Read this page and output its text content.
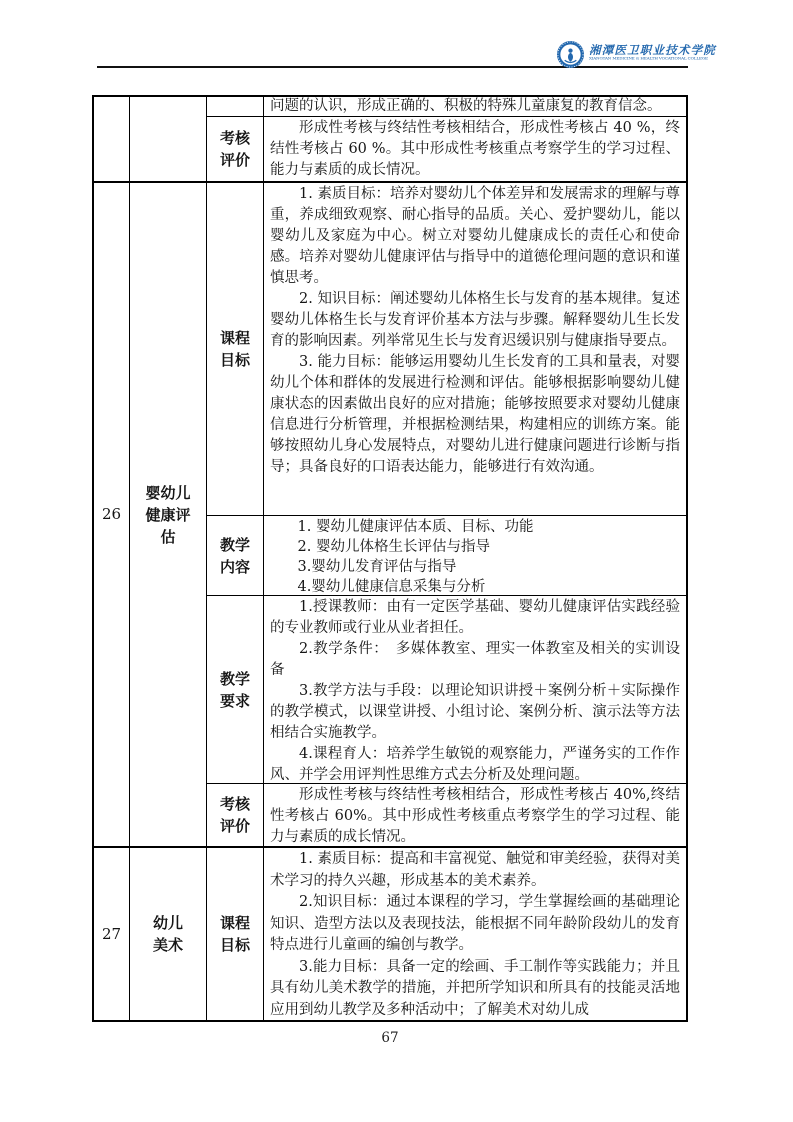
湘潭医卫职业技术学院
XIANGTAN MEDICINE & HEALTH VOCATIONAL COLLEGE
问题的认识，形成正确的、积极的特殊儿童康复的教育信念。
考核评价
形成性考核与终结性考核相结合，形成性考核占 40 %，终结性考核占 60 %。其中形成性考核重点考察学生的学习过程、能力与素质的成长情况。
26
婴幼儿健康评估
课程目标
1. 素质目标：培养对婴幼儿个体差异和发展需求的理解与尊重，养成细致观察、耐心指导的品质。关心、爱护婴幼儿，能以婴幼儿及家庭为中心。树立对婴幼儿健康成长的责任心和使命感。培养对婴幼儿健康评估与指导中的道德伦理问题的意识和谨慎思考。
2. 知识目标：阐述婴幼儿体格生长与发育的基本规律。复述婴幼儿体格生长与发育评价基本方法与步骤。解释婴幼儿生长发育的影响因素。列举常见生长与发育迟缓识别与健康指导要点。
3. 能力目标：能够运用婴幼儿生长发育的工具和量表，对婴幼儿个体和群体的发展进行检测和评估。能够根据影响婴幼儿健康状态的因素做出良好的应对措施；能够按照要求对婴幼儿健康信息进行分析管理，并根据检测结果，构建相应的训练方案。能够按照幼儿身心发展特点，对婴幼儿进行健康问题进行诊断与指导；具备良好的口语表达能力，能够进行有效沟通。
教学内容
1. 婴幼儿健康评估本质、目标、功能
2. 婴幼儿体格生长评估与指导
3.婴幼儿发育评估与指导
4.婴幼儿健康信息采集与分析
教学要求
1.授课教师：由有一定医学基础、婴幼儿健康评估实践经验的专业教师或行业从业者担任。
2.教学条件：　多媒体教室、理实一体教室及相关的实训设备
3.教学方法与手段：以理论知识讲授＋案例分析＋实际操作的教学模式，以课堂讲授、小组讨论、案例分析、演示法等方法相结合实施教学。
4.课程育人：培养学生敏锐的观察能力，严谨务实的工作作风、并学会用评判性思维方式去分析及处理问题。
考核评价
形成性考核与终结性考核相结合，形成性考核占 40%,终结性考核占 60%。其中形成性考核重点考察学生的学习过程、能力与素质的成长情况。
27
幼儿美术
课程目标
1. 素质目标：提高和丰富视觉、触觉和审美经验，获得对美术学习的持久兴趣，形成基本的美术素养。
2.知识目标：通过本课程的学习，学生掌握绘画的基础理论知识、造型方法以及表现技法，能根据不同年龄阶段幼儿的发育特点进行儿童画的编创与教学。
3.能力目标：具备一定的绘画、手工制作等实践能力；并且具有幼儿美术教学的措施，并把所学知识和所具有的技能灵活地应用到幼儿教学及多种活动中；了解美术对幼儿成
67
